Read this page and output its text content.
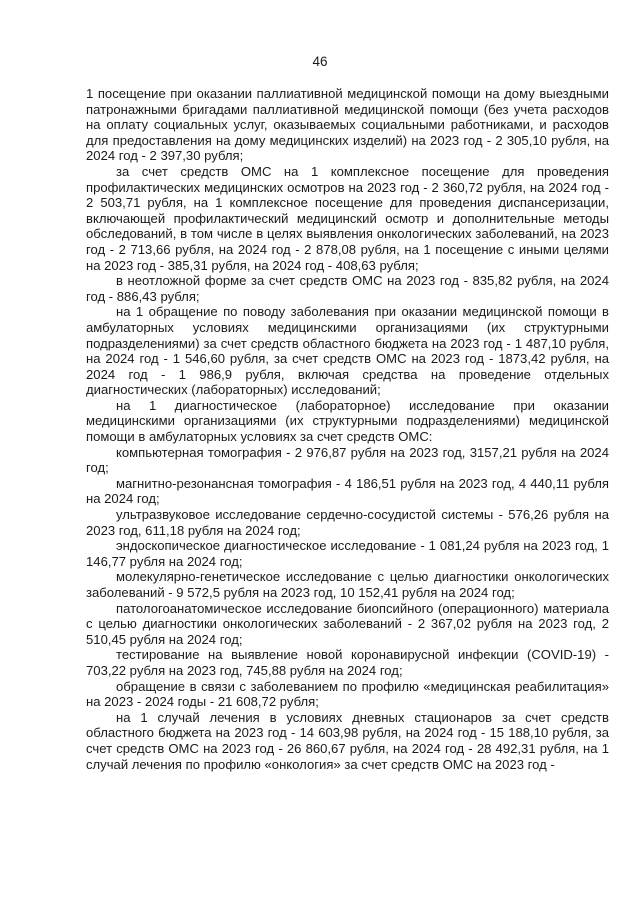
46

1 посещение при оказании паллиативной медицинской помощи на дому выездными патронажными бригадами паллиативной медицинской помощи (без учета расходов на оплату социальных услуг, оказываемых социальными работниками, и расходов для предоставления на дому медицинских изделий) на 2023 год - 2 305,10 рубля, на 2024 год - 2 397,30 рубля;

за счет средств ОМС на 1 комплексное посещение для проведения профилактических медицинских осмотров на 2023 год - 2 360,72 рубля, на 2024 год - 2 503,71 рубля, на 1 комплексное посещение для проведения диспансеризации, включающей профилактический медицинский осмотр и дополнительные методы обследований, в том числе в целях выявления онкологических заболеваний, на 2023 год - 2 713,66 рубля, на 2024 год - 2 878,08 рубля, на 1 посещение с иными целями на 2023 год - 385,31 рубля, на 2024 год - 408,63 рубля;

в неотложной форме за счет средств ОМС на 2023 год - 835,82 рубля, на 2024 год - 886,43 рубля;

на 1 обращение по поводу заболевания при оказании медицинской помощи в амбулаторных условиях медицинскими организациями (их структурными подразделениями) за счет средств областного бюджета на 2023 год - 1 487,10 рубля, на 2024 год - 1 546,60 рубля, за счет средств ОМС на 2023 год - 1873,42 рубля, на 2024 год - 1 986,9 рубля, включая средства на проведение отдельных диагностических (лабораторных) исследований;

на 1 диагностическое (лабораторное) исследование при оказании медицинскими организациями (их структурными подразделениями) медицинской помощи в амбулаторных условиях за счет средств ОМС:

компьютерная томография - 2 976,87 рубля на 2023 год, 3157,21 рубля на 2024 год;

магнитно-резонансная томография - 4 186,51 рубля на 2023 год, 4 440,11 рубля на 2024 год;

ультразвуковое исследование сердечно-сосудистой системы - 576,26 рубля на 2023 год, 611,18 рубля на 2024 год;

эндоскопическое диагностическое исследование - 1 081,24 рубля на 2023 год, 1 146,77 рубля на 2024 год;

молекулярно-генетическое исследование с целью диагностики онкологических заболеваний - 9 572,5 рубля на 2023 год, 10 152,41 рубля на 2024 год;

патологоанатомическое исследование биопсийного (операционного) материала с целью диагностики онкологических заболеваний - 2 367,02 рубля на 2023 год, 2 510,45 рубля на 2024 год;

тестирование на выявление новой коронавирусной инфекции (COVID-19) - 703,22 рубля на 2023 год, 745,88 рубля на 2024 год;

обращение в связи с заболеванием по профилю «медицинская реабилитация» на 2023 - 2024 годы - 21 608,72 рубля;

на 1 случай лечения в условиях дневных стационаров за счет средств областного бюджета на 2023 год - 14 603,98 рубля, на 2024 год - 15 188,10 рубля, за счет средств ОМС на 2023 год - 26 860,67 рубля, на 2024 год - 28 492,31 рубля, на 1 случай лечения по профилю «онкология» за счет средств ОМС на 2023 год -
